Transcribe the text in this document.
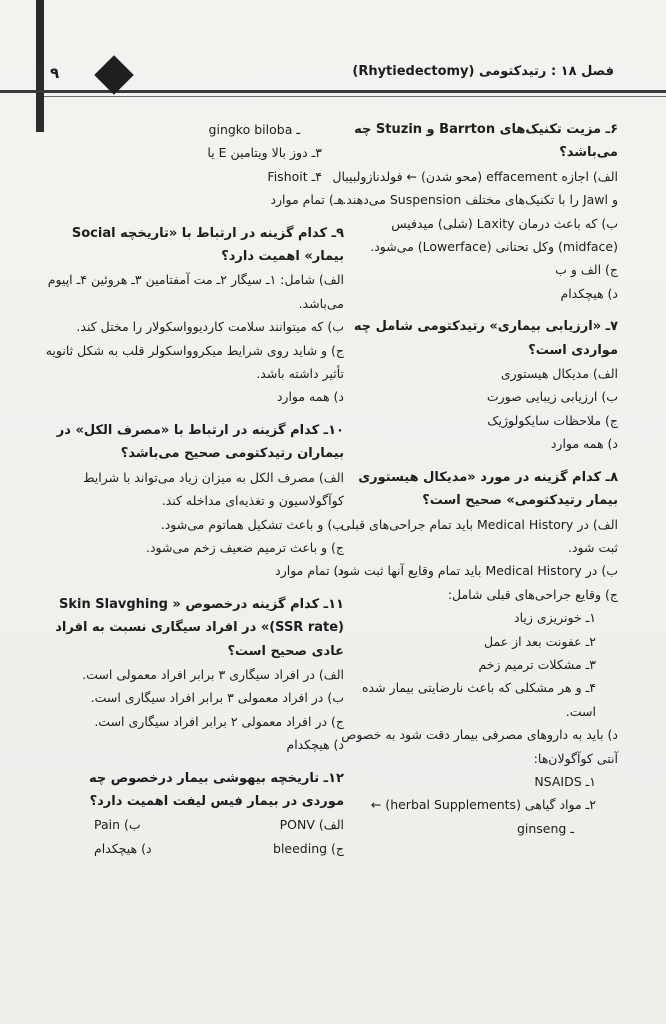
۹	فصل ۱۸ : رتیدکتومی (Rhytiedectomy)
۶ـ مزیت تکنیک‌های Barrton و Stuzin چه می‌باشد؟
الف) اجازه effacement (محو شدن) ← فولدنازولبیبال و Jawl را با تکنیک‌های مختلف Suspension می‌دهند.
ب) که باعث درمان Laxity (شلی) میدفیس (midface) وکل تحتانی (Lowerface) می‌شود.
ج) الف و ب
د) هیچکدام
۷ـ «ارزیابی بیماری» رتیدکتومی شامل چه مواردی است؟
الف) مدیکال هیستوری
ب) ارزیابی زیبایی صورت
ج) ملاحظات سایکولوژیک
د) همه موارد
۸ـ کدام گزینه در مورد «مدیکال هیستوری بیمار رتیدکتومی» صحیح است؟
الف) در Medical History باید تمام جراحی‌های قبلی ثبت شود.
ب) در Medical History باید تمام وقایع آنها ثبت شود.
ج) وقایع جراحی‌های قبلی شامل:
۱ـ خونریزی زیاد
۲ـ عفونت بعد از عمل
۳ـ مشکلات ترمیم زخم
۴ـ و هر مشکلی که باعث نارضایتی بیمار شده است.
د) باید به داروهای مصرفی بیمار دقت شود به خصوص آنتی کوآگولان‌ها:
۱ـ NSAIDS
۲ـ مواد گیاهی (herbal Supplements) ←
ـ ginseng
ـ gingko biloba
۳ـ دوز بالا ویتامین E یا
۴ـ Fishoit
هـ) تمام موارد
۹ـ کدام گزینه در ارتباط با «تاریخچه Social بیمار» اهمیت دارد؟
الف) شامل: ۱ـ سیگار ۲ـ مت آمفتامین ۳ـ هروئین ۴ـ اپیوم می‌باشد.
ب) که میتوانند سلامت کاردیوواسکولار را مختل کند.
ج) و شاید روی شرایط میکروواسکولر قلب به شکل ثانویه تأثیر داشته باشد.
د) همه موارد
۱۰ـ کدام گزینه در ارتباط با «مصرف الکل» در بیماران رتیدکتومی صحیح می‌باشد؟
الف) مصرف الکل به میزان زیاد می‌تواند با شرایط کوآگولاسیون و تغذیه‌ای مداخله کند.
ب) و باعث تشکیل هماتوم می‌شود.
ج) و باعث ترمیم ضعیف زخم می‌شود.
د) تمام موارد
۱۱ـ کدام گزینه درخصوص « Skin Slavghing (SSR rate)» در افراد سیگاری نسبت به افراد عادی صحیح است؟
الف) در افراد سیگاری ۳ برابر افراد معمولی است.
ب) در افراد معمولی ۳ برابر افراد سیگاری است.
ج) در افراد معمولی ۲ برابر افراد سیگاری است.
د) هیچکدام
۱۲ـ تاریخچه بیهوشی بیمار درخصوص چه موردی در بیمار فیس لیفت اهمیت دارد؟
الف) PONV
ب) Pain
ج) bleeding
د) هیچکدام
